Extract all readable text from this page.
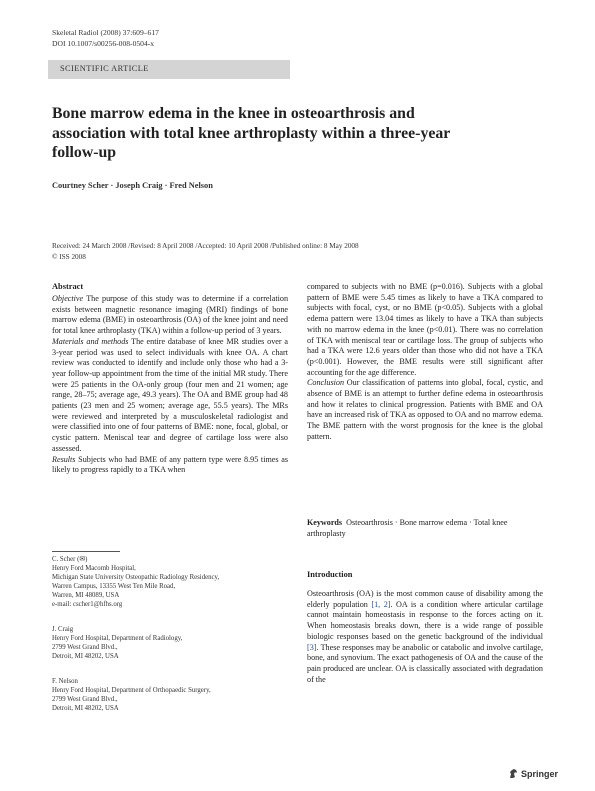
Skeletal Radiol (2008) 37:609–617
DOI 10.1007/s00256-008-0504-x
SCIENTIFIC ARTICLE
Bone marrow edema in the knee in osteoarthrosis and association with total knee arthroplasty within a three-year follow-up
Courtney Scher · Joseph Craig · Fred Nelson
Received: 24 March 2008 /Revised: 8 April 2008 /Accepted: 10 April 2008 /Published online: 8 May 2008
© ISS 2008
Abstract

Objective The purpose of this study was to determine if a correlation exists between magnetic resonance imaging (MRI) findings of bone marrow edema (BME) in osteoarthrosis (OA) of the knee joint and need for total knee arthroplasty (TKA) within a follow-up period of 3 years.

Materials and methods The entire database of knee MR studies over a 3-year period was used to select individuals with knee OA. A chart review was conducted to identify and include only those who had a 3-year follow-up appointment from the time of the initial MR study. There were 25 patients in the OA-only group (four men and 21 women; age range, 28–75; average age, 49.3 years). The OA and BME group had 48 patients (23 men and 25 women; average age, 55.5 years). The MRs were reviewed and interpreted by a musculoskeletal radiologist and were classified into one of four patterns of BME: none, focal, global, or cystic pattern. Meniscal tear and degree of cartilage loss were also assessed.

Results Subjects who had BME of any pattern type were 8.95 times as likely to progress rapidly to a TKA when

C. Scher (✉)
Henry Ford Macomb Hospital,
Michigan State University Osteopathic Radiology Residency,
Warren Campus, 13355 West Ten Mile Road,
Warren, MI 48089, USA
e-mail: cscher1@hfhs.org
J. Craig
Henry Ford Hospital, Department of Radiology,
2799 West Grand Blvd.,
Detroit, MI 48202, USA
F. Nelson
Henry Ford Hospital, Department of Orthopaedic Surgery,
2799 West Grand Blvd.,
Detroit, MI 48202, USA

compared to subjects with no BME (p=0.016). Subjects with a global pattern of BME were 5.45 times as likely to have a TKA compared to subjects with focal, cyst, or no BME (p<0.05). Subjects with a global edema pattern were 13.04 times as likely to have a TKA than subjects with no marrow edema in the knee (p<0.01). There was no correlation of TKA with meniscal tear or cartilage loss. The group of subjects who had a TKA were 12.6 years older than those who did not have a TKA (p<0.001). However, the BME results were still significant after accounting for the age difference.

Conclusion Our classification of patterns into global, focal, cystic, and absence of BME is an attempt to further define edema in osteoarthrosis and how it relates to clinical progression. Patients with BME and OA have an increased risk of TKA as opposed to OA and no marrow edema. The BME pattern with the worst prognosis for the knee is the global pattern.

Keywords Osteoarthrosis · Bone marrow edema · Total knee arthroplasty
Introduction

Osteoarthrosis (OA) is the most common cause of disability among the elderly population [1, 2]. OA is a condition where articular cartilage cannot maintain homeostasis in response to the forces acting on it. When homeostasis breaks down, there is a wide range of possible biologic responses based on the genetic background of the individual [3]. These responses may be anabolic or catabolic and involve cartilage, bone, and synovium. The exact pathogenesis of OA and the cause of the pain produced are unclear. OA is classically associated with degradation of the

Springer
